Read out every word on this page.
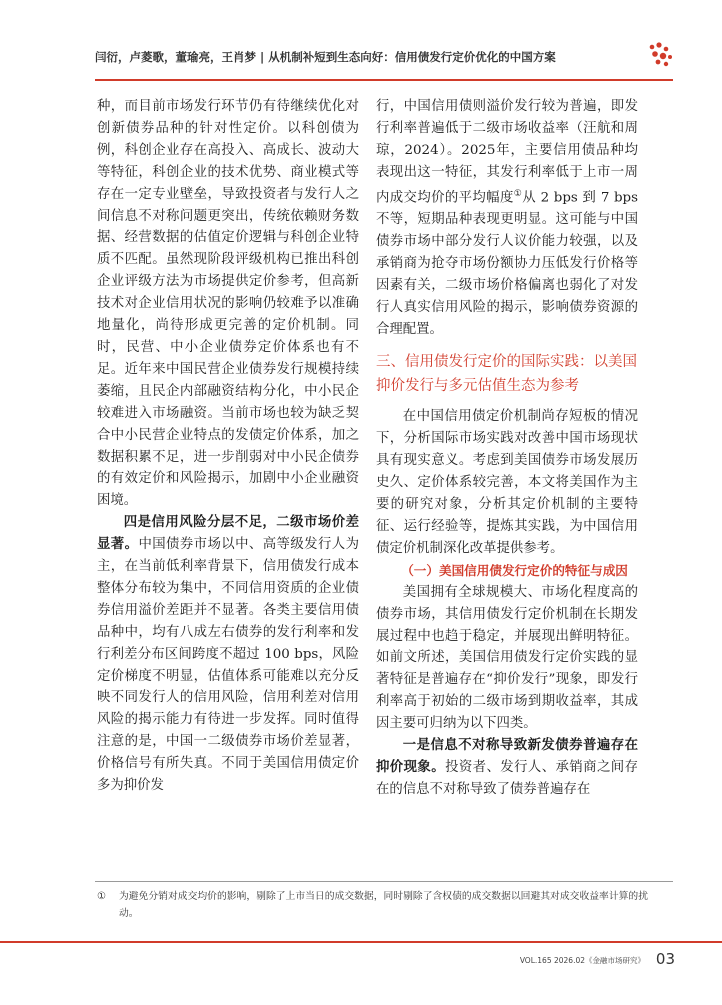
闫衍，卢菱歌，董瑜亮，王肖梦 | 从机制补短到生态向好：信用债发行定价优化的中国方案

种，而目前市场发行环节仍有待继续优化对创新债券品种的针对性定价。以科创债为例，科创企业存在高投入、高成长、波动大等特征，科创企业的技术优势、商业模式等存在一定专业壁垒，导致投资者与发行人之间信息不对称问题更突出，传统依赖财务数据、经营数据的估值定价逻辑与科创企业特质不匹配。虽然现阶段评级机构已推出科创企业评级方法为市场提供定价参考，但高新技术对企业信用状况的影响仍较难予以准确地量化，尚待形成更完善的定价机制。同时，民营、中小企业债券定价体系也有不足。近年来中国民营企业债券发行规模持续萎缩，且民企内部融资结构分化，中小民企较难进入市场融资。当前市场也较为缺乏契合中小民营企业特点的发债定价体系，加之数据积累不足，进一步削弱对中小民企债券的有效定价和风险揭示，加剧中小企业融资困境。

四是信用风险分层不足，二级市场价差显著。中国债券市场以中、高等级发行人为主，在当前低利率背景下，信用债发行成本整体分布较为集中，不同信用资质的企业债券信用溢价差距并不显著。各类主要信用债品种中，均有八成左右债券的发行利率和发行利差分布区间跨度不超过 100 bps，风险定价梯度不明显，估值体系可能难以充分反映不同发行人的信用风险，信用利差对信用风险的揭示能力有待进一步发挥。同时值得注意的是，中国一二级债券市场价差显著，价格信号有所失真。不同于美国信用债定价多为抑价发

行，中国信用债则溢价发行较为普遍，即发行利率普遍低于二级市场收益率（汪航和周琼，2024）。2025年，主要信用债品种均表现出这一特征，其发行利率低于上市一周内成交均价的平均幅度①从 2 bps 到 7 bps 不等，短期品种表现更明显。这可能与中国债券市场中部分发行人议价能力较强，以及承销商为抢夺市场份额协力压低发行价格等因素有关，二级市场价格偏离也弱化了对发行人真实信用风险的揭示，影响债券资源的合理配置。

三、信用债发行定价的国际实践：以美国抑价发行与多元估值生态为参考

在中国信用债定价机制尚存短板的情况下，分析国际市场实践对改善中国市场现状具有现实意义。考虑到美国债券市场发展历史久、定价体系较完善，本文将美国作为主要的研究对象，分析其定价机制的主要特征、运行经验等，提炼其实践，为中国信用债定价机制深化改革提供参考。

（一）美国信用债发行定价的特征与成因

美国拥有全球规模大、市场化程度高的债券市场，其信用债发行定价机制在长期发展过程中也趋于稳定，并展现出鲜明特征。如前文所述，美国信用债发行定价实践的显著特征是普遍存在“抑价发行”现象，即发行利率高于初始的二级市场到期收益率，其成因主要可归纳为以下四类。

一是信息不对称导致新发债券普遍存在抑价现象。投资者、发行人、承销商之间存在的信息不对称导致了债券普遍存在

① 为避免分销对成交均价的影响，剔除了上市当日的成交数据，同时剔除了含权债的成交数据以回避其对成交收益率计算的扰动。
VOL.165 2026.02《金融市场研究》 03
